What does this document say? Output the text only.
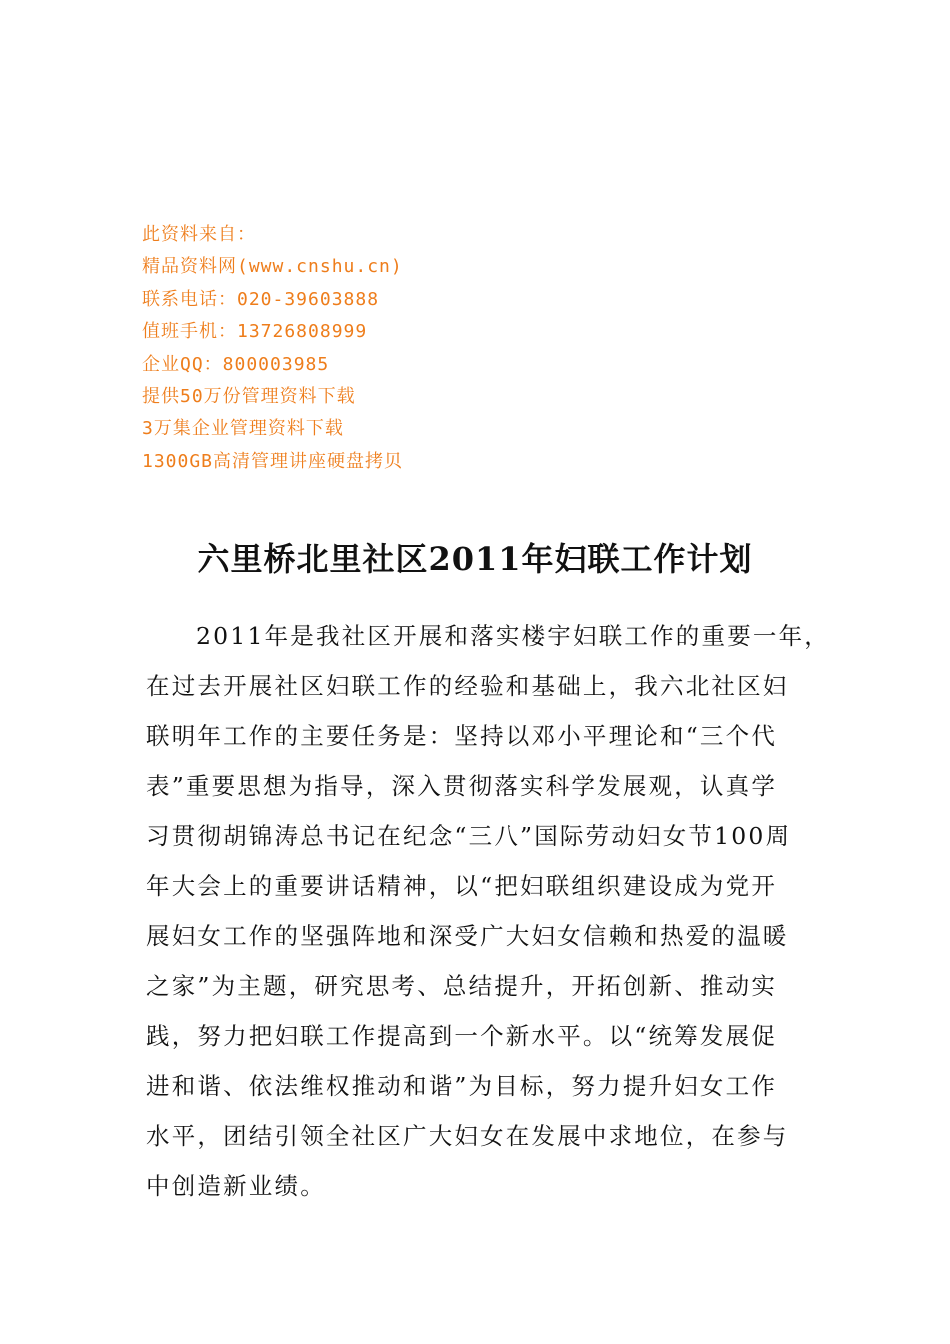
此资料来自：
精品资料网(www.cnshu.cn)
联系电话：020-39603888
值班手机：13726808999
企业QQ：800003985
提供50万份管理资料下载
3万集企业管理资料下载
1300GB高清管理讲座硬盘拷贝
六里桥北里社区2011年妇联工作计划
2011年是我社区开展和落实楼宇妇联工作的重要一年，
在过去开展社区妇联工作的经验和基础上，我六北社区妇
联明年工作的主要任务是：坚持以邓小平理论和“三个代
表”重要思想为指导，深入贯彻落实科学发展观，认真学
习贯彻胡锦涛总书记在纪念“三八”国际劳动妇女节100周
年大会上的重要讲话精神，以“把妇联组织建设成为党开
展妇女工作的坚强阵地和深受广大妇女信赖和热爱的温暖
之家”为主题，研究思考、总结提升，开拓创新、推动实
践，努力把妇联工作提高到一个新水平。以“统筹发展促
进和谐、依法维权推动和谐”为目标，努力提升妇女工作
水平，团结引领全社区广大妇女在发展中求地位，在参与
中创造新业绩。
